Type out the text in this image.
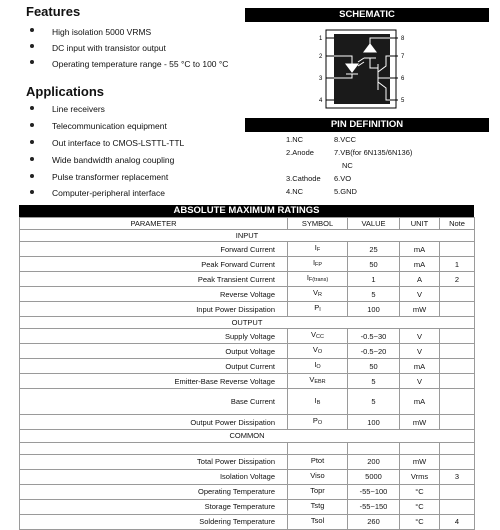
Features
High isolation 5000 VRMS
DC input with transistor output
Operating temperature range - 55 °C to 100 °C
Applications
Line receivers
Telecommunication equipment
Out interface to CMOS-LSTTL-TTL
Wide bandwidth analog coupling
Pulse transformer replacement
Computer-peripheral interface
SCHEMATIC
1
2
3
4
8
7
6
5
PIN DEFINITION
1.NC	8.VCC
2.Anode	7.VB(for 6N135/6N136)
NC
3.Cathode 6.VO
4.NC	5.GND
ABSOLUTE MAXIMUM RATINGS
PARAMETER	SYMBOL	VALUE	UNIT	Note
INPUT				
Forward Current	IF	25	mA	
Peak Forward Current	IFP	50	mA	1
Peak Transient Current	IF(trans)	1	A	2
Reverse Voltage	VR	5	V	
Input Power Dissipation	PI	100	mW	
OUTPUT				
Supply Voltage	VCC	-0.5~30	V	
Output Voltage	VO	-0.5~20	V	
Output Current	IO	50	mA	
Emitter-Base Reverse Voltage	VEBR	5	V	
Base Current	IB	5	mA	
Output Power Dissipation	PO	100	mW	
COMMON				

Total Power Dissipation	Ptot	200	mW	
Isolation Voltage	Viso	5000	Vrms	3
Operating Temperature	Topr	-55~100	°C	
Storage Temperature	Tstg	-55~150	°C	
Soldering Temperature	Tsol	260	°C	4
